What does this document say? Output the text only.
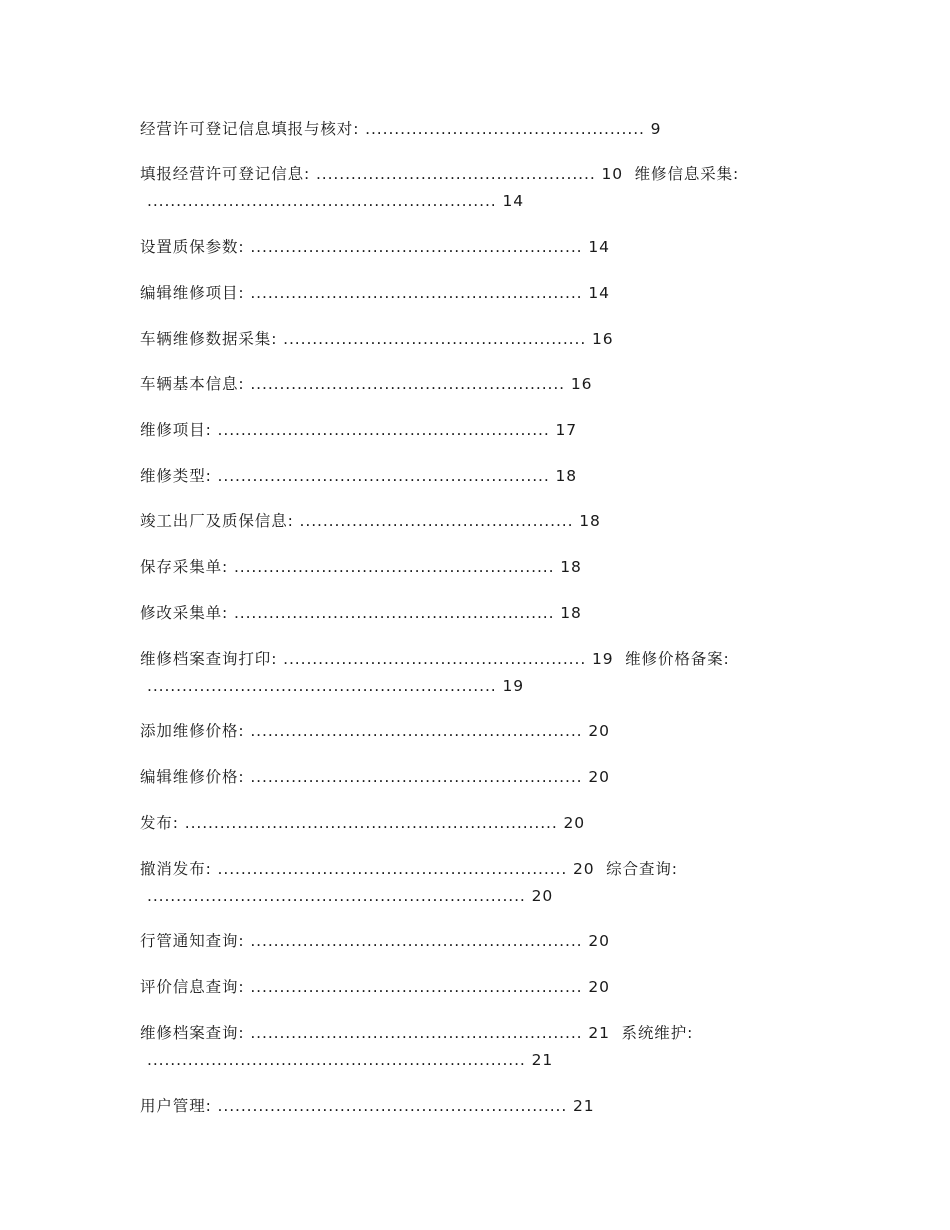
经营许可登记信息填报与核对: ................................................ 9
填报经营许可登记信息: ................................................ 10  维修信息采集:
............................................................ 14
设置质保参数: ......................................................... 14
编辑维修项目: ......................................................... 14
车辆维修数据采集: .................................................... 16
车辆基本信息: ...................................................... 16
维修项目: ......................................................... 17
维修类型: ......................................................... 18
竣工出厂及质保信息: ............................................... 18
保存采集单: ....................................................... 18
修改采集单: ....................................................... 18
维修档案查询打印: .................................................... 19  维修价格备案:
............................................................ 19
添加维修价格: ......................................................... 20
编辑维修价格: ......................................................... 20
发布: ................................................................ 20
撤消发布: ............................................................ 20  综合查询:
................................................................. 20
行管通知查询: ......................................................... 20
评价信息查询: ......................................................... 20
维修档案查询: ......................................................... 21  系统维护:
................................................................. 21
用户管理: ............................................................ 21
